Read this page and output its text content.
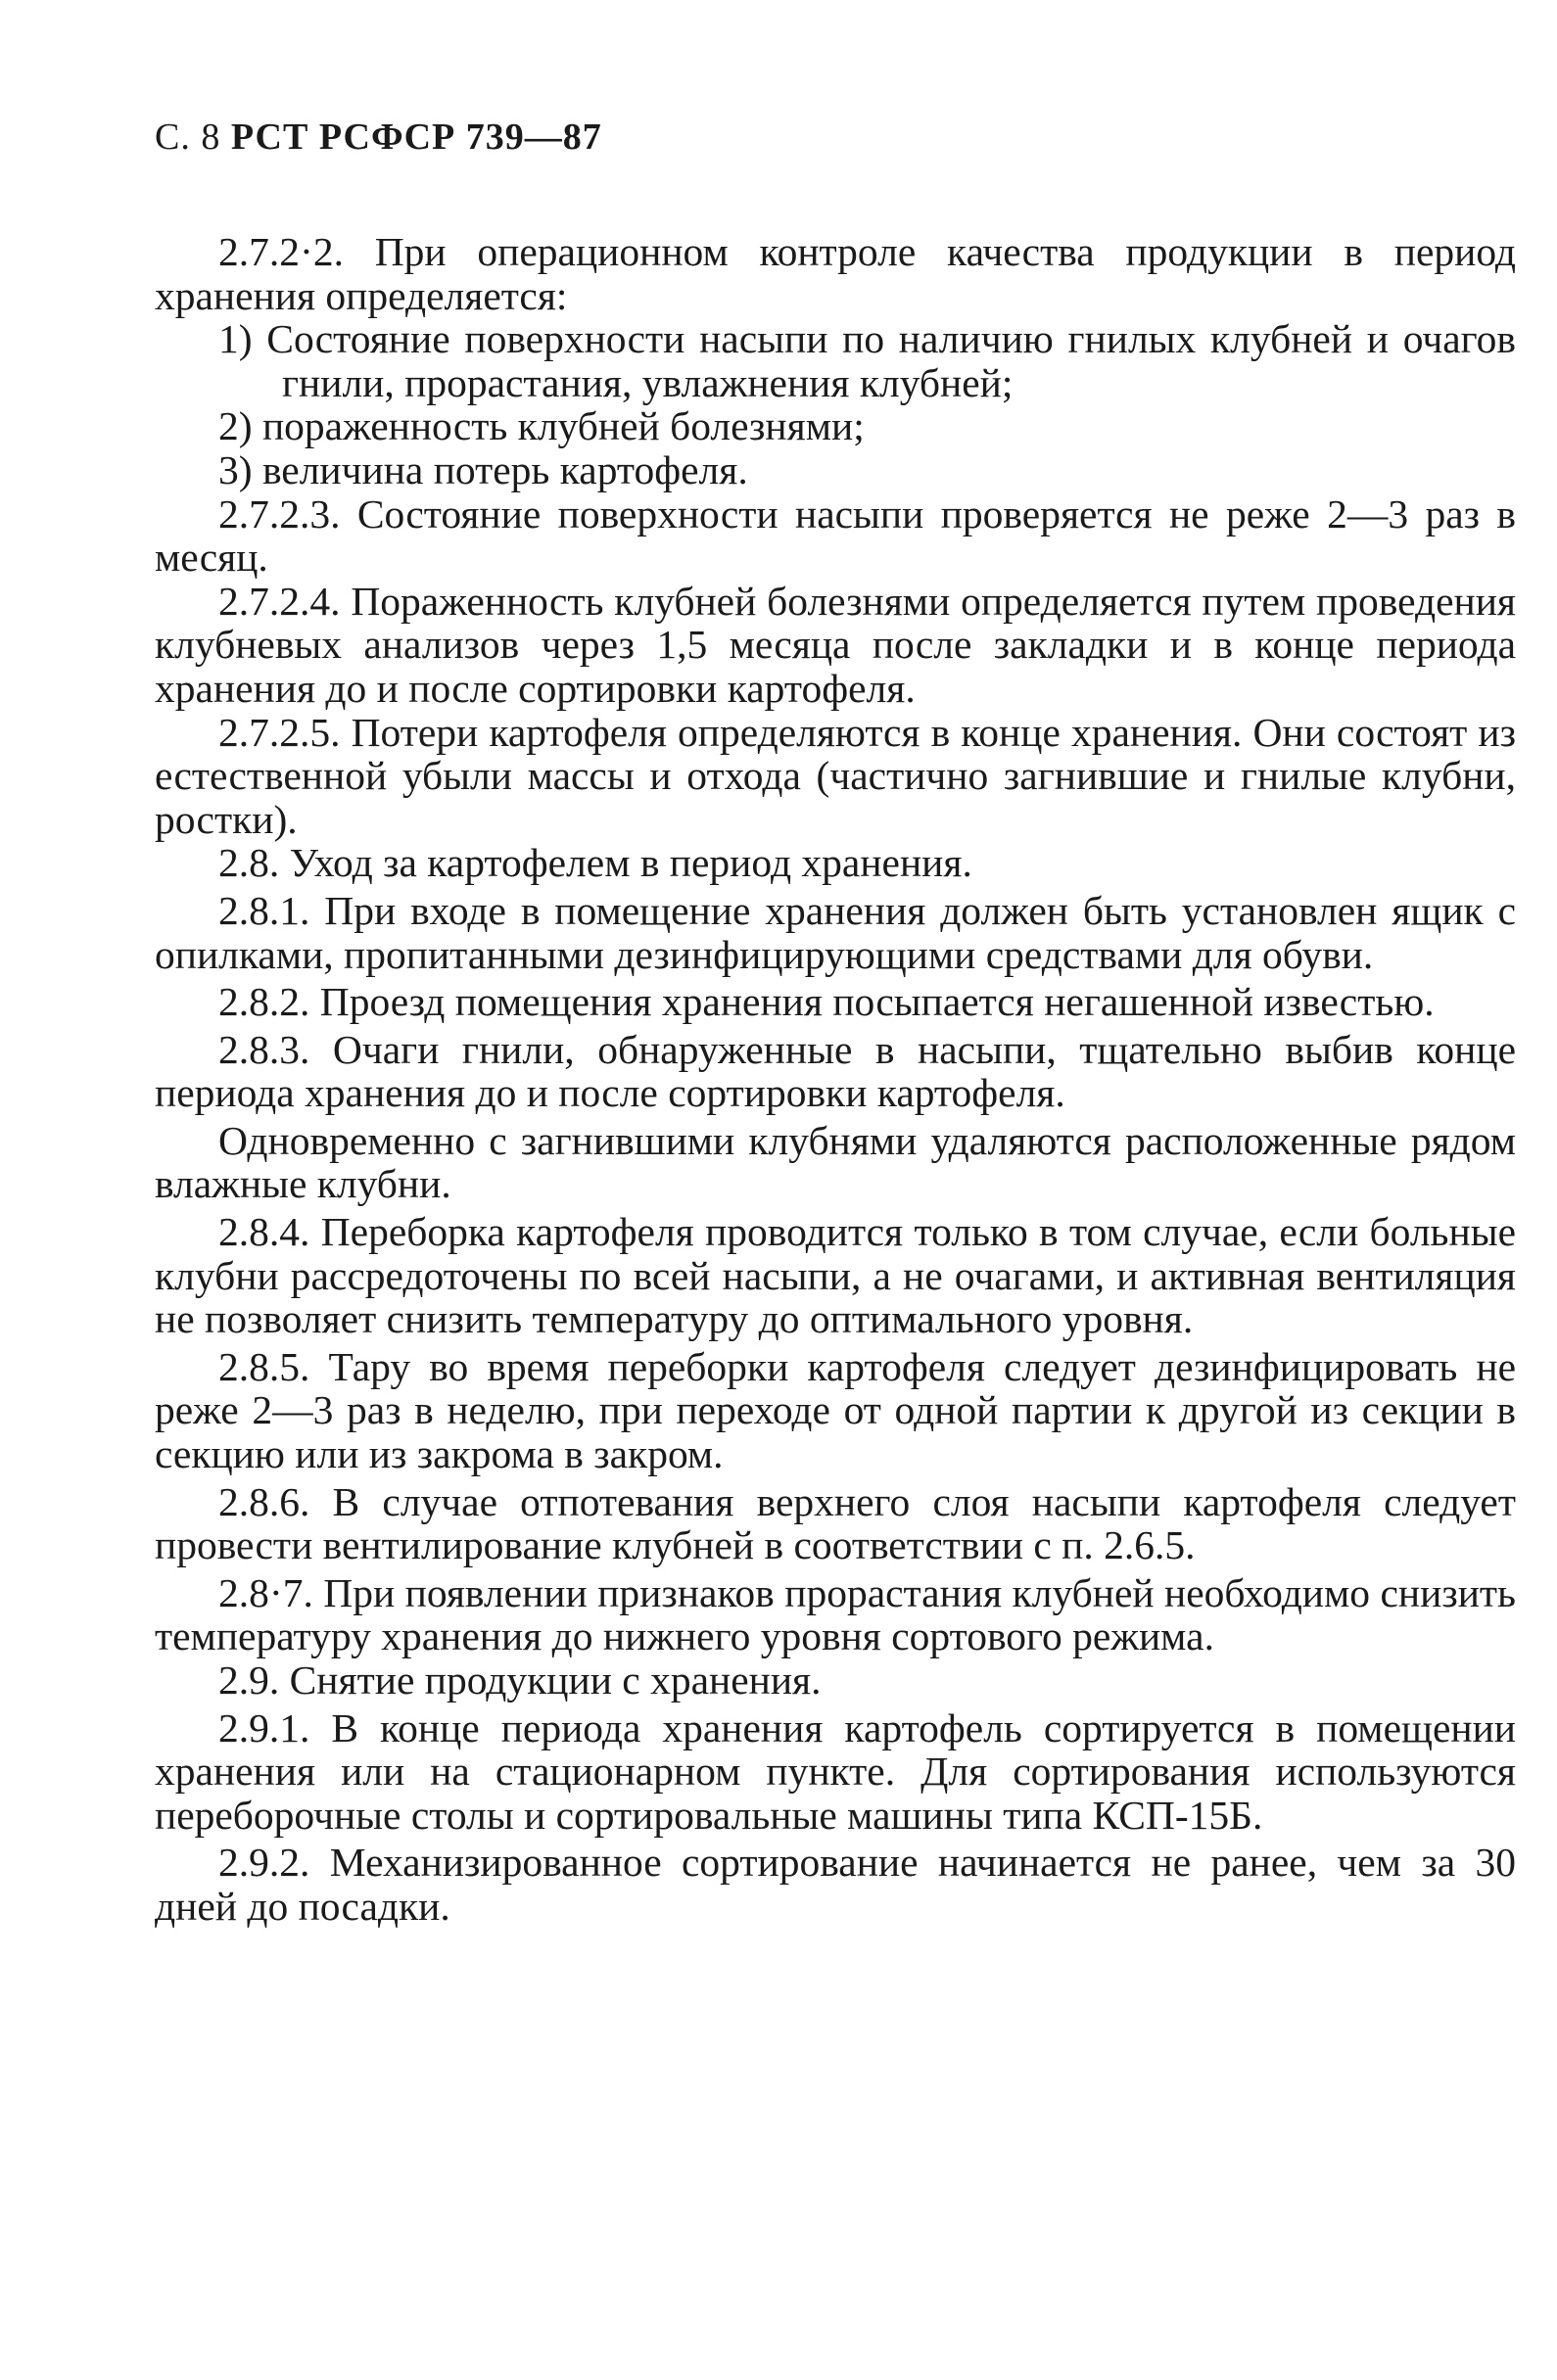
С. 8 РСТ РСФСР 739—87

2.7.2·2. При операционном контроле качества продукции в период хранения определяется:

1) Состояние поверхности насыпи по наличию гнилых клубней и очагов гнили, прорастания, увлажнения клубней;

2) пораженность клубней болезнями;

3) величина потерь картофеля.

2.7.2.3. Состояние поверхности насыпи проверяется не реже 2—3 раз в месяц.

2.7.2.4. Пораженность клубней болезнями определяется путем проведения клубневых анализов через 1,5 месяца после закладки и в конце периода хранения до и после сортировки картофеля.

2.7.2.5. Потери картофеля определяются в конце хранения. Они состоят из естественной убыли массы и отхода (частично загнившие и гнилые клубни, ростки).

2.8. Уход за картофелем в период хранения.

2.8.1. При входе в помещение хранения должен быть установлен ящик с опилками, пропитанными дезинфицирующими средствами для обуви.

2.8.2. Проезд помещения хранения посыпается негашенной известью.

2.8.3. Очаги гнили, обнаруженные в насыпи, тщательно выбив конце периода хранения до и после сортировки картофеля.

Одновременно с загнившими клубнями удаляются расположенные рядом влажные клубни.

2.8.4. Переборка картофеля проводится только в том случае, если больные клубни рассредоточены по всей насыпи, а не очагами, и активная вентиляция не позволяет снизить температуру до оптимального уровня.

2.8.5. Тару во время переборки картофеля следует дезинфицировать не реже 2—3 раз в неделю, при переходе от одной партии к другой из секции в секцию или из закрома в закром.

2.8.6. В случае отпотевания верхнего слоя насыпи картофеля следует провести вентилирование клубней в соответствии с п. 2.6.5.

2.8·7. При появлении признаков прорастания клубней необходимо снизить температуру хранения до нижнего уровня сортового режима.

2.9. Снятие продукции с хранения.

2.9.1. В конце периода хранения картофель сортируется в помещении хранения или на стационарном пункте. Для сортирования используются переборочные столы и сортировальные машины типа КСП-15Б.

2.9.2. Механизированное сортирование начинается не ранее, чем за 30 дней до посадки.
